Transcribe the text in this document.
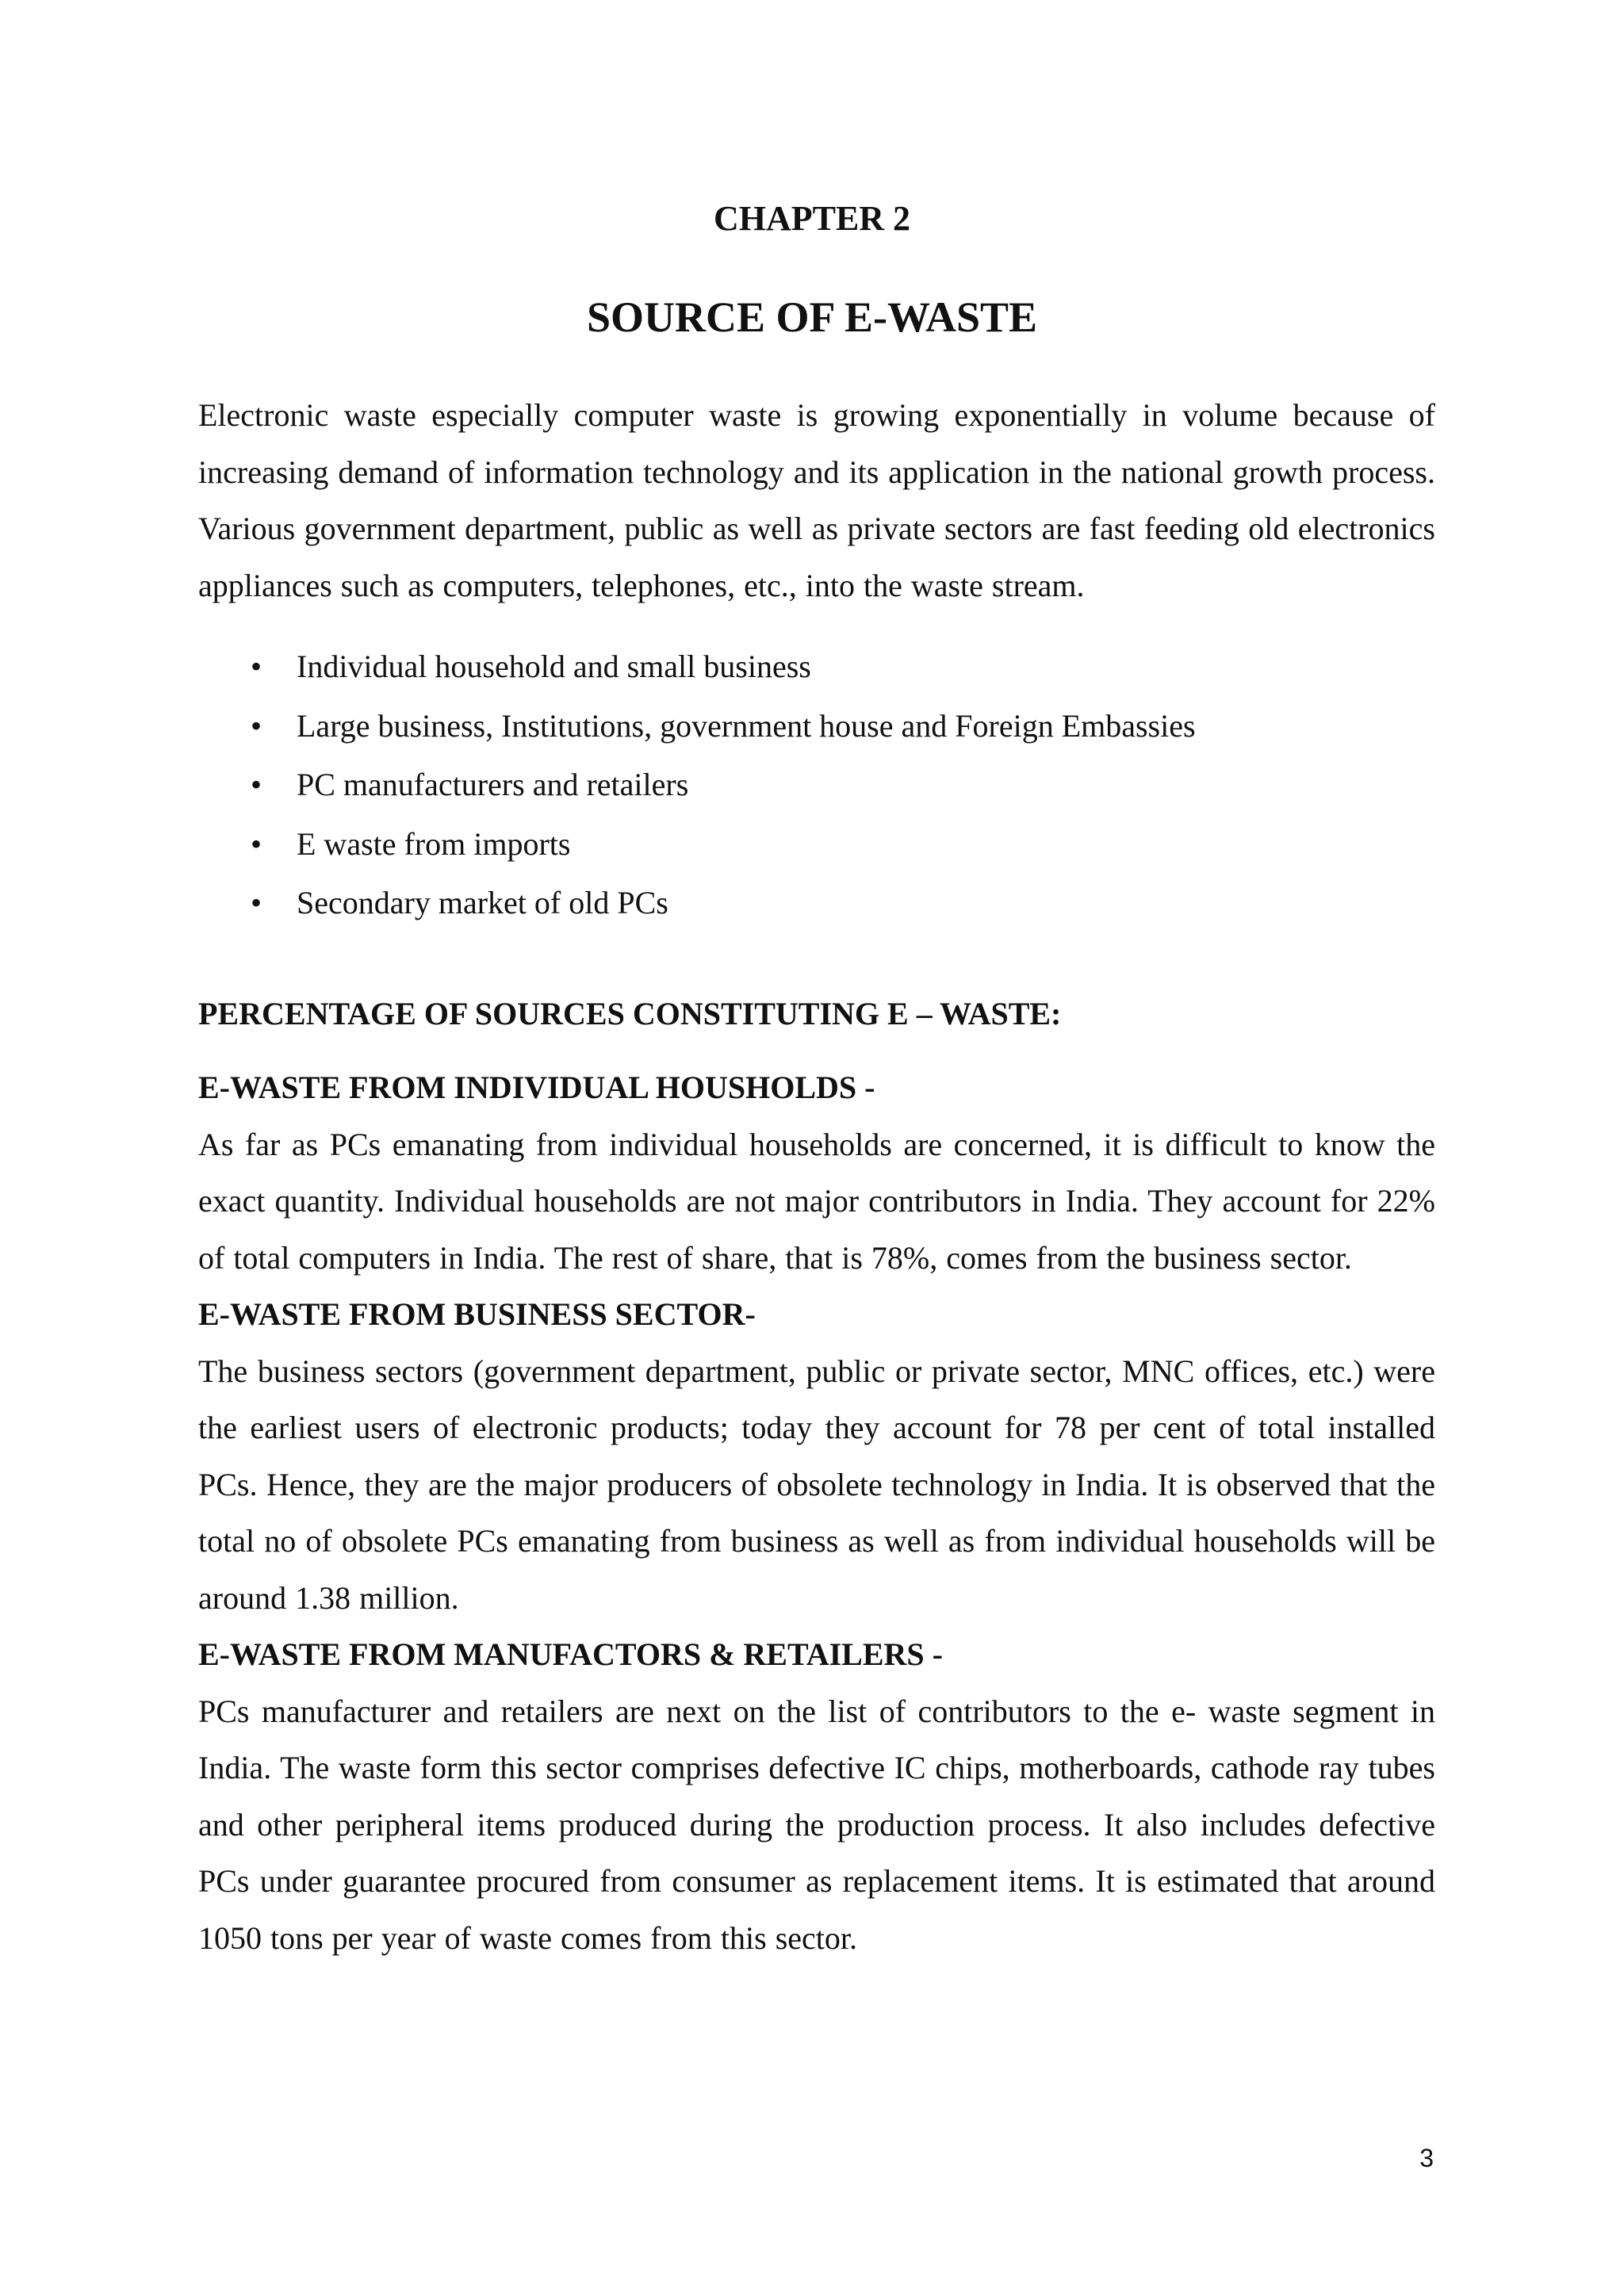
CHAPTER 2
SOURCE OF E-WASTE

Electronic waste especially computer waste is growing exponentially in volume because of increasing demand of information technology and its application in the national growth process. Various government department, public as well as private sectors are fast feeding old electronics appliances such as computers, telephones, etc., into the waste stream.

• Individual household and small business
• Large business, Institutions, government house and Foreign Embassies
• PC manufacturers and retailers
• E waste from imports
• Secondary market of old PCs
PERCENTAGE OF SOURCES CONSTITUTING E – WASTE:
E-WASTE FROM INDIVIDUAL HOUSHOLDS -

As far as PCs emanating from individual households are concerned, it is difficult to know the exact quantity. Individual households are not major contributors in India. They account for 22% of total computers in India. The rest of share, that is 78%, comes from the business sector.

E-WASTE FROM BUSINESS SECTOR-

The business sectors (government department, public or private sector, MNC offices, etc.) were the earliest users of electronic products; today they account for 78 per cent of total installed PCs. Hence, they are the major producers of obsolete technology in India. It is observed that the total no of obsolete PCs emanating from business as well as from individual households will be around 1.38 million.

E-WASTE FROM MANUFACTORS & RETAILERS -

PCs manufacturer and retailers are next on the list of contributors to the e- waste segment in India. The waste form this sector comprises defective IC chips, motherboards, cathode ray tubes and other peripheral items produced during the production process. It also includes defective PCs under guarantee procured from consumer as replacement items. It is estimated that around 1050 tons per year of waste comes from this sector.

3
